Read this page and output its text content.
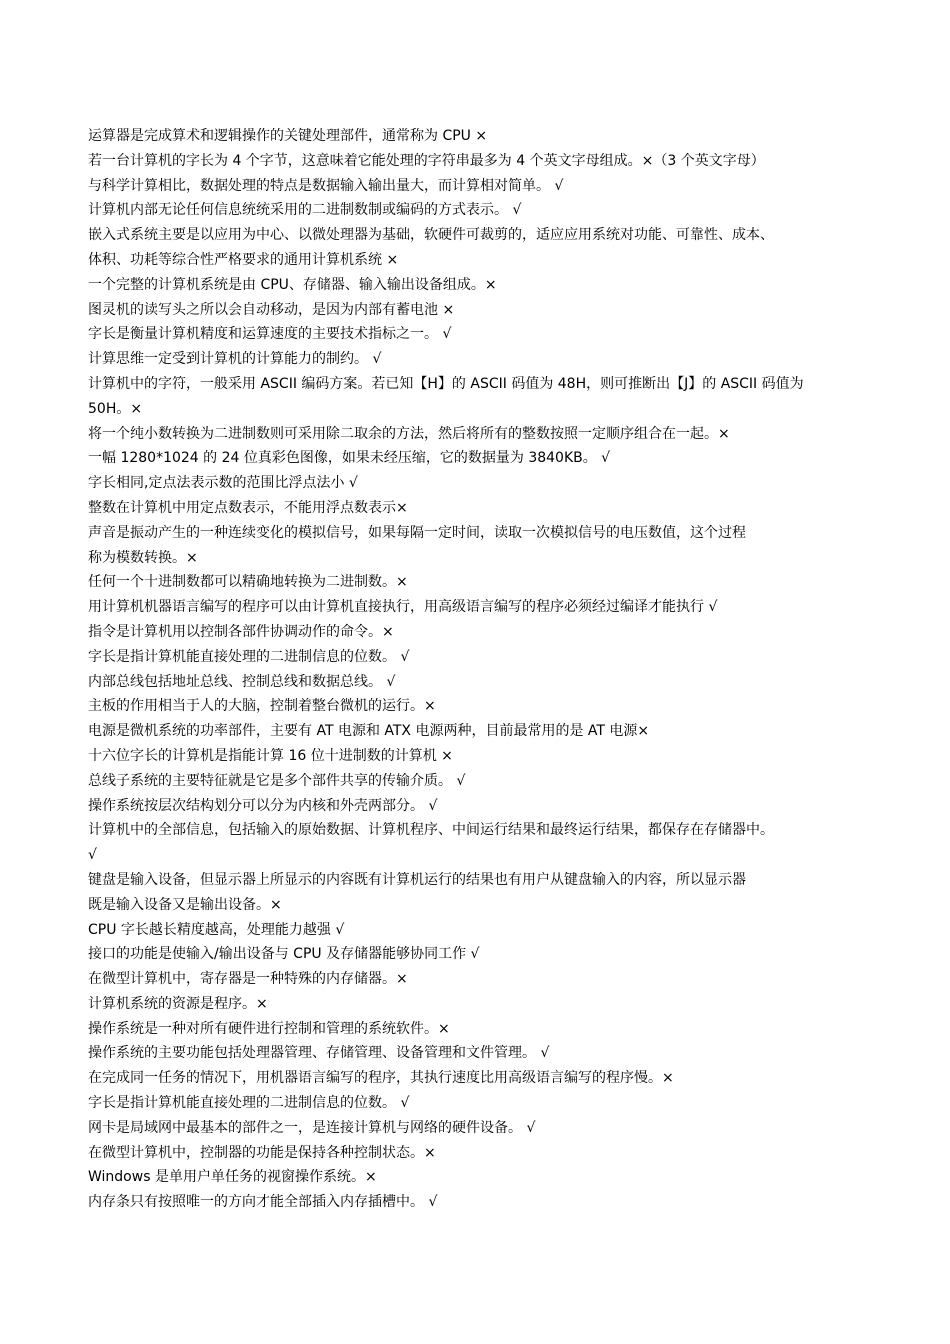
运算器是完成算术和逻辑操作的关键处理部件，通常称为 CPU ×
若一台计算机的字长为 4 个字节，这意味着它能处理的字符串最多为 4 个英文字母组成。×（3 个英文字母）
与科学计算相比，数据处理的特点是数据输入输出量大，而计算相对简单。 √
计算机内部无论任何信息统统采用的二进制数制或编码的方式表示。 √
嵌入式系统主要是以应用为中心、以微处理器为基础，软硬件可裁剪的，适应应用系统对功能、可靠性、成本、
体积、功耗等综合性严格要求的通用计算机系统 ×
一个完整的计算机系统是由 CPU、存储器、输入输出设备组成。×
图灵机的读写头之所以会自动移动，是因为内部有蓄电池 ×
字长是衡量计算机精度和运算速度的主要技术指标之一。 √
计算思维一定受到计算机的计算能力的制约。 √
计算机中的字符，一般采用 ASCII 编码方案。若已知【H】的 ASCII 码值为 48H，则可推断出【J】的 ASCII 码值为
50H。×
将一个纯小数转换为二进制数则可采用除二取余的方法，然后将所有的整数按照一定顺序组合在一起。×
一幅 1280*1024 的 24 位真彩色图像，如果未经压缩，它的数据量为 3840KB。 √
字长相同,定点法表示数的范围比浮点法小 √
整数在计算机中用定点数表示，不能用浮点数表示×
声音是振动产生的一种连续变化的模拟信号，如果每隔一定时间，读取一次模拟信号的电压数值，这个过程
称为模数转换。×
任何一个十进制数都可以精确地转换为二进制数。×
用计算机机器语言编写的程序可以由计算机直接执行，用高级语言编写的程序必须经过编译才能执行 √
指令是计算机用以控制各部件协调动作的命令。×
字长是指计算机能直接处理的二进制信息的位数。 √
内部总线包括地址总线、控制总线和数据总线。 √
主板的作用相当于人的大脑，控制着整台微机的运行。×
电源是微机系统的功率部件，主要有 AT 电源和 ATX 电源两种，目前最常用的是 AT 电源×
十六位字长的计算机是指能计算 16 位十进制数的计算机 ×
总线子系统的主要特征就是它是多个部件共享的传输介质。 √
操作系统按层次结构划分可以分为内核和外壳两部分。 √
计算机中的全部信息，包括输入的原始数据、计算机程序、中间运行结果和最终运行结果，都保存在存储器中。
√
键盘是输入设备，但显示器上所显示的内容既有计算机运行的结果也有用户从键盘输入的内容，所以显示器
既是输入设备又是输出设备。×
CPU 字长越长精度越高，处理能力越强 √
接口的功能是使输入/输出设备与 CPU 及存储器能够协同工作 √
在微型计算机中，寄存器是一种特殊的内存储器。×
计算机系统的资源是程序。×
操作系统是一种对所有硬件进行控制和管理的系统软件。×
操作系统的主要功能包括处理器管理、存储管理、设备管理和文件管理。 √
在完成同一任务的情况下，用机器语言编写的程序，其执行速度比用高级语言编写的程序慢。×
字长是指计算机能直接处理的二进制信息的位数。 √
网卡是局域网中最基本的部件之一，是连接计算机与网络的硬件设备。 √
在微型计算机中，控制器的功能是保持各种控制状态。×
Windows 是单用户单任务的视窗操作系统。×
内存条只有按照唯一的方向才能全部插入内存插槽中。 √
